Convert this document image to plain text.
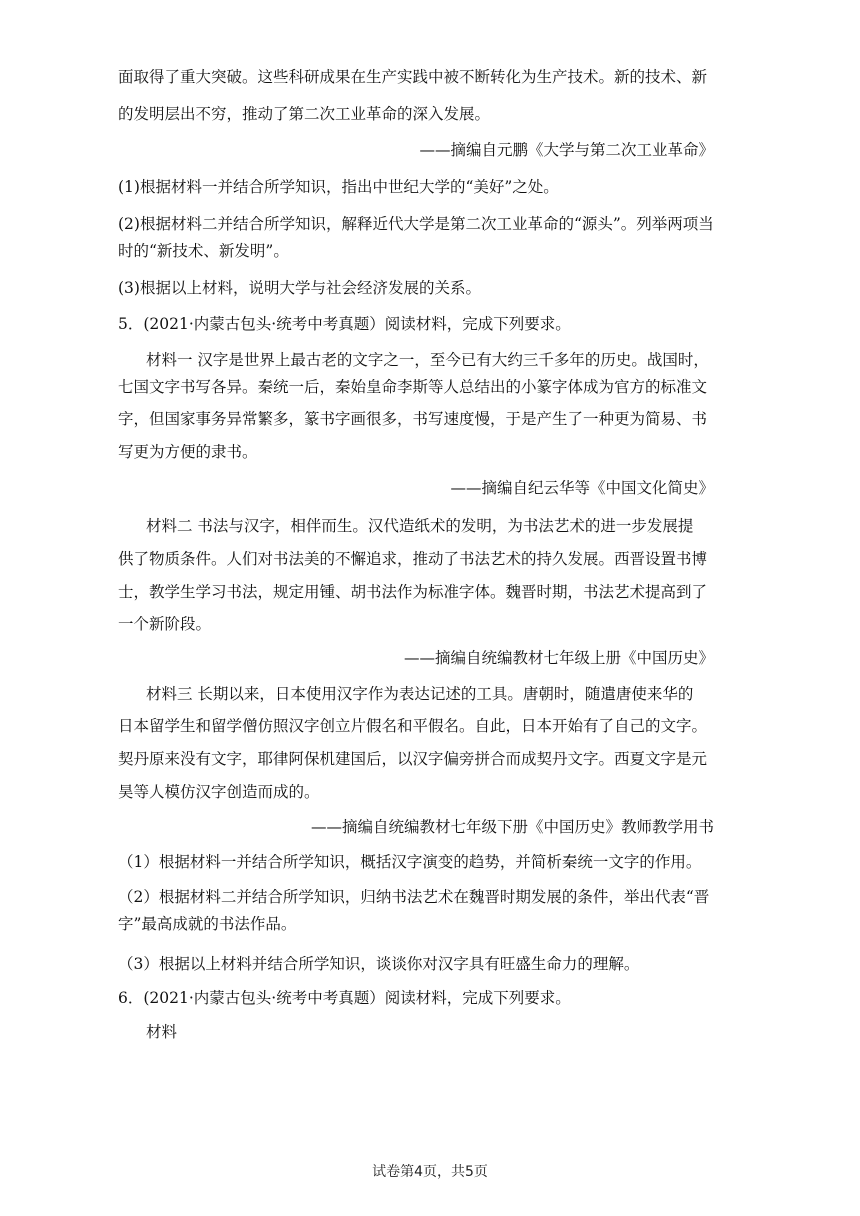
面取得了重大突破。这些科研成果在生产实践中被不断转化为生产技术。新的技术、新
的发明层出不穷，推动了第二次工业革命的深入发展。
——摘编自元鹏《大学与第二次工业革命》
(1)根据材料一并结合所学知识，指出中世纪大学的“美好”之处。
(2)根据材料二并结合所学知识，解释近代大学是第二次工业革命的“源头”。列举两项当
时的“新技术、新发明”。
(3)根据以上材料，说明大学与社会经济发展的关系。
5．(2021·内蒙古包头·统考中考真题）阅读材料，完成下列要求。
材料一 汉字是世界上最古老的文字之一，至今已有大约三千多年的历史。战国时，
七国文字书写各异。秦统一后，秦始皇命李斯等人总结出的小篆字体成为官方的标准文
字，但国家事务异常繁多，篆书字画很多，书写速度慢，于是产生了一种更为简易、书
写更为方便的隶书。
——摘编自纪云华等《中国文化简史》
材料二 书法与汉字，相伴而生。汉代造纸术的发明，为书法艺术的进一步发展提
供了物质条件。人们对书法美的不懈追求，推动了书法艺术的持久发展。西晋设置书博
士，教学生学习书法，规定用锺、胡书法作为标准字体。魏晋时期，书法艺术提高到了
一个新阶段。
——摘编自统编教材七年级上册《中国历史》
材料三 长期以来，日本使用汉字作为表达记述的工具。唐朝时，随遣唐使来华的
日本留学生和留学僧仿照汉字创立片假名和平假名。自此，日本开始有了自己的文字。
契丹原来没有文字，耶律阿保机建国后，以汉字偏旁拼合而成契丹文字。西夏文字是元
昊等人模仿汉字创造而成的。
——摘编自统编教材七年级下册《中国历史》教师教学用书
（1）根据材料一并结合所学知识，概括汉字演变的趋势，并简析秦统一文字的作用。
（2）根据材料二并结合所学知识，归纳书法艺术在魏晋时期发展的条件，举出代表“晋
字”最高成就的书法作品。
（3）根据以上材料并结合所学知识，谈谈你对汉字具有旺盛生命力的理解。
6．(2021·内蒙古包头·统考中考真题）阅读材料，完成下列要求。
材料
试卷第4页，共5页
